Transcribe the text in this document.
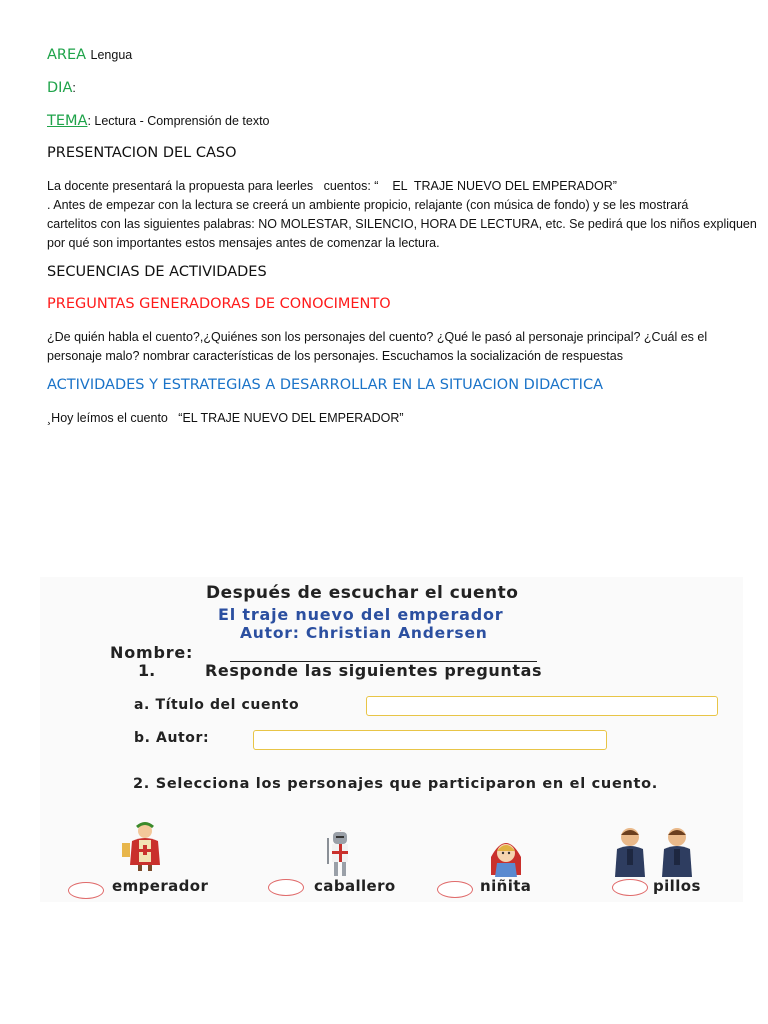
AREA Lengua
DIA:
TEMA: Lectura - Comprensión de texto
PRESENTACION DEL CASO
La docente presentará la propuesta para leerles   cuentos: “    EL  TRAJE NUEVO DEL EMPERADOR”
. Antes de empezar con la lectura se creerá un ambiente propicio, relajante (con música de fondo) y se les mostrará
cartelitos con las siguientes palabras: NO MOLESTAR, SILENCIO, HORA DE LECTURA, etc. Se pedirá que los niños expliquen
por qué son importantes estos mensajes antes de comenzar la lectura.
SECUENCIAS DE ACTIVIDADES
PREGUNTAS GENERADORAS DE CONOCIMENTO
¿De quién habla el cuento?,¿Quiénes son los personajes del cuento? ¿Qué le pasó al personaje principal? ¿Cuál es el
personaje malo? nombrar características de los personajes. Escuchamos la socialización de respuestas
ACTIVIDADES Y ESTRATEGIAS A DESARROLLAR EN LA SITUACION DIDACTICA
¸Hoy leímos el cuento   “EL TRAJE NUEVO DEL EMPERADOR”
Después de escuchar el cuento
El traje nuevo del emperador
Autor: Christian Andersen
Nombre:
1.	Responde las siguientes preguntas
a. Título del cuento
b. Autor:
2. Selecciona los personajes que participaron en el cuento.
emperador	caballero	niñita	pillos
